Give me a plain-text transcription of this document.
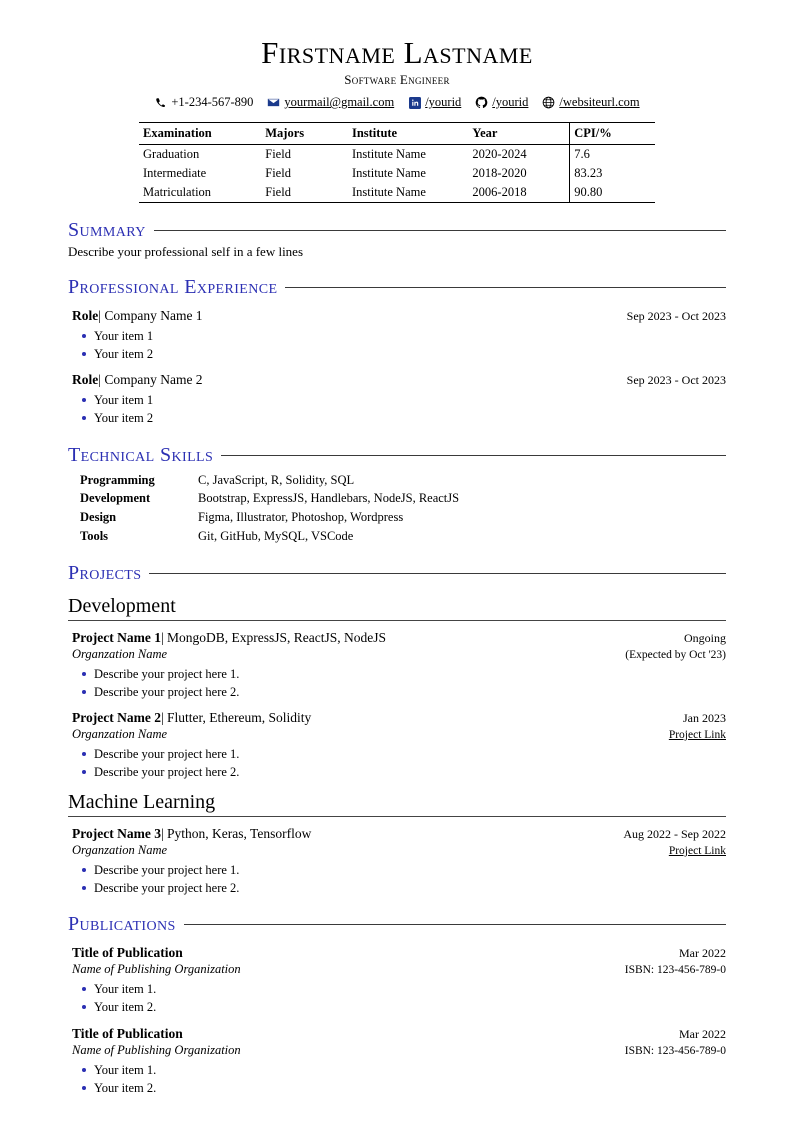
Firstname Lastname
Software Engineer
+1-234-567-890 yourmail@gmail.com /yourid /yourid /websiteurl.com
Examination	Majors	Institute	Year	CPI/%
Graduation	Field	Institute Name	2020-2024	7.6
Intermediate	Field	Institute Name	2018-2020	83.23
Matriculation	Field	Institute Name	2006-2018	90.80
Summary
Describe your professional self in a few lines
Professional Experience
Role| Company Name 1	Sep 2023 - Oct 2023
Your item 1
Your item 2
Role| Company Name 2	Sep 2023 - Oct 2023
Your item 1
Your item 2
Technical Skills
Programming	C, JavaScript, R, Solidity, SQL
Development	Bootstrap, ExpressJS, Handlebars, NodeJS, ReactJS
Design	Figma, Illustrator, Photoshop, Wordpress
Tools	Git, GitHub, MySQL, VSCode
Projects
Development
Project Name 1| MongoDB, ExpressJS, ReactJS, NodeJS	Ongoing
Organzation Name	(Expected by Oct '23)
Describe your project here 1.
Describe your project here 2.
Project Name 2| Flutter, Ethereum, Solidity	Jan 2023
Organzation Name	Project Link
Describe your project here 1.
Describe your project here 2.
Machine Learning
Project Name 3| Python, Keras, Tensorflow	Aug 2022 - Sep 2022
Organzation Name	Project Link
Describe your project here 1.
Describe your project here 2.
Publications
Title of Publication	Mar 2022
Name of Publishing Organization	ISBN: 123-456-789-0
Your item 1.
Your item 2.
Title of Publication	Mar 2022
Name of Publishing Organization	ISBN: 123-456-789-0
Your item 1.
Your item 2.
